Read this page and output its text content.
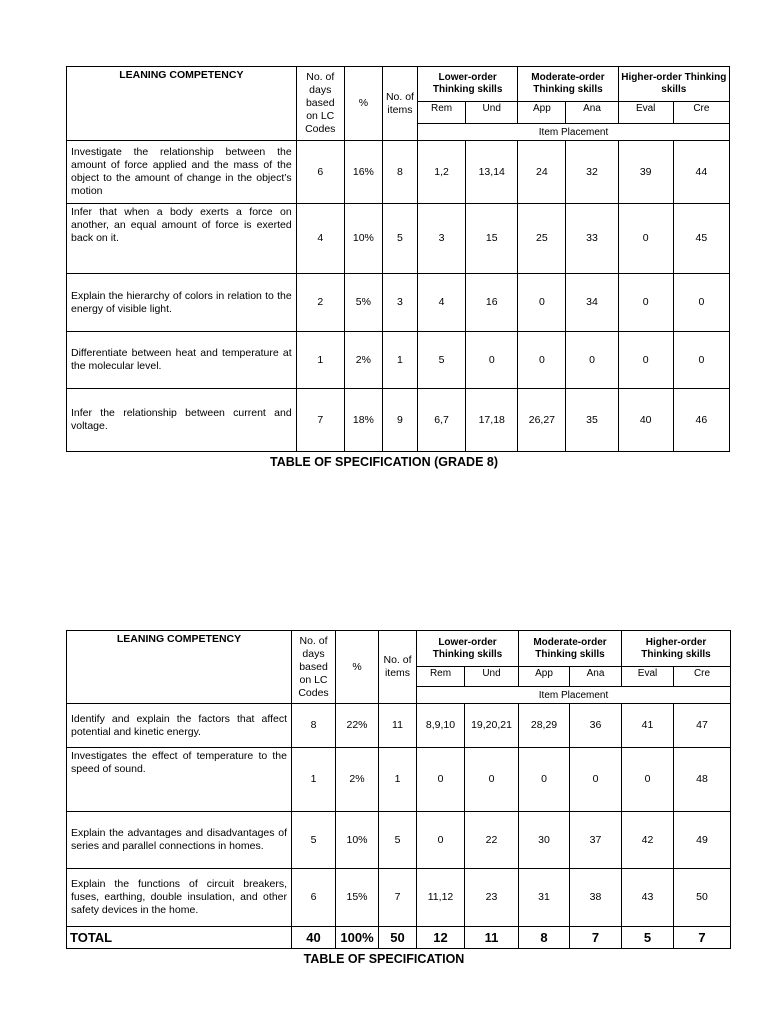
LEANING COMPETENCY	No. of days based on LC Codes	%	No. of items	Lower-order Thinking skills		Moderate-order Thinking skills		Higher-order Thinking skills	
				Rem	Und	App	Ana	Eval	Cre
				Item Placement					
Investigate the relationship between the amount of force applied and the mass of the object to the amount of change in the object’s motion	6	16%	8	1,2	13,14	24	32	39	44
Infer that when a body exerts a force on another, an equal amount of force is exerted back on it.	4	10%	5	3	15	25	33	0	45
Explain the hierarchy of colors in relation to the energy of visible light.	2	5%	3	4	16	0	34	0	0
Differentiate between heat and temperature at the molecular level.	1	2%	1	5	0	0	0	0	0
Infer the relationship between current and voltage.	7	18%	9	6,7	17,18	26,27	35	40	46
TABLE OF SPECIFICATION (GRADE 8)
LEANING COMPETENCY	No. of days based on LC Codes	%	No. of items	Lower-order Thinking skills		Moderate-order Thinking skills		Higher-order Thinking skills	
				Rem	Und	App	Ana	Eval	Cre
				Item Placement					
Identify and explain the factors that affect potential and kinetic energy.	8	22%	11	8,9,10	19,20,21	28,29	36	41	47
Investigates the effect of temperature to the speed of sound.	1	2%	1	0	0	0	0	0	48
Explain the advantages and disadvantages of series and parallel connections in homes.	5	10%	5	0	22	30	37	42	49
Explain the functions of circuit breakers, fuses, earthing, double insulation, and other safety devices in the home.	6	15%	7	11,12	23	31	38	43	50
TOTAL	40	100%	50	12	11	8	7	5	7
TABLE OF SPECIFICATION
